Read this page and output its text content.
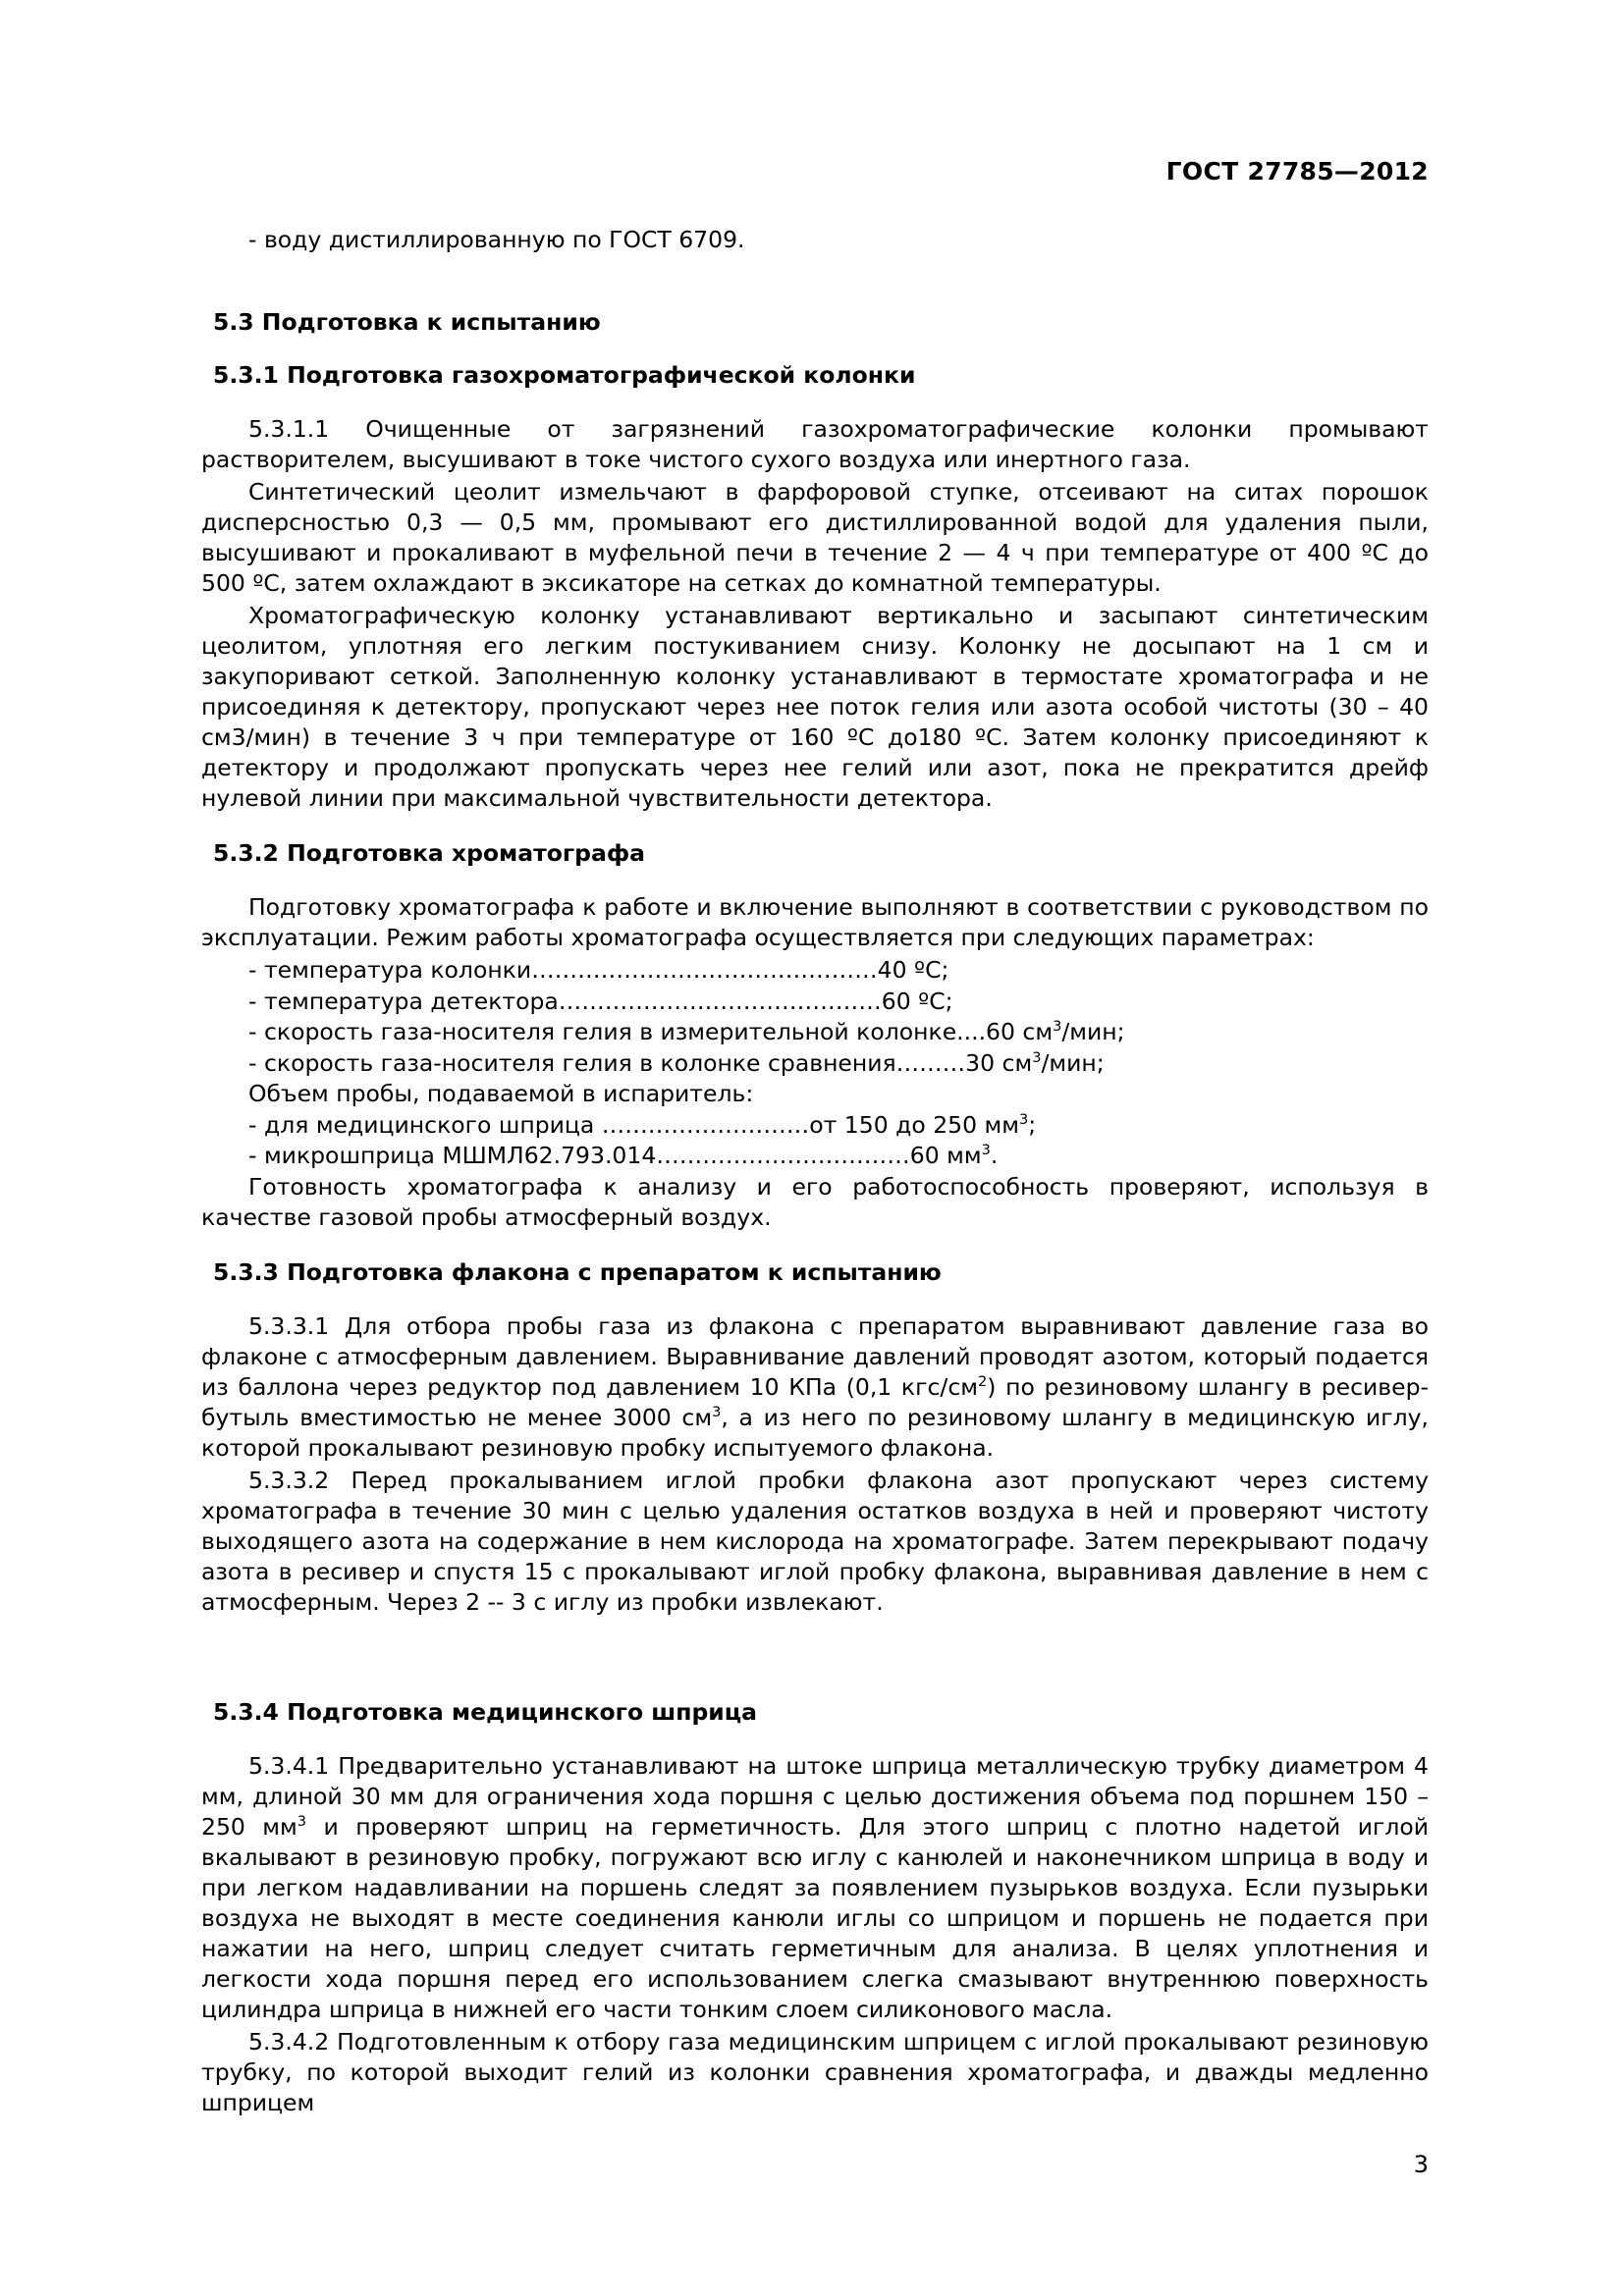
ГОСТ 27785—2012

- воду дистиллированную по ГОСТ 6709.

5.3 Подготовка к испытанию
5.3.1 Подготовка газохроматографической колонки

5.3.1.1 Очищенные от загрязнений газохроматографические колонки промывают растворителем, высушивают в токе чистого сухого воздуха или инертного газа.

Синтетический цеолит измельчают в фарфоровой ступке, отсеивают на ситах порошок дисперсностью 0,3 — 0,5 мм, промывают его дистиллированной водой для удаления пыли, высушивают и прокаливают в муфельной печи в течение 2 — 4 ч при температуре от 400 ºС до 500 ºС, затем охлаждают в эксикаторе на сетках до комнатной температуры.

Хроматографическую колонку устанавливают вертикально и засыпают синтетическим цеолитом, уплотняя его легким постукиванием снизу. Колонку не досыпают на 1 см и закупоривают сеткой. Заполненную колонку устанавливают в термостате хроматографа и не присоединяя к детектору, пропускают через нее поток гелия или азота особой чистоты (30 – 40 см3/мин) в течение 3 ч при температуре от 160 ºС до180 ºС. Затем колонку присоединяют к детектору и продолжают пропускать через нее гелий или азот, пока не прекратится дрейф нулевой линии при максимальной чувствительности детектора.

5.3.2 Подготовка хроматографа

Подготовку хроматографа к работе и включение выполняют в соответствии с руководством по эксплуатации. Режим работы хроматографа осуществляется при следующих параметрах:

- температура колонки………………………………………40 ºС;

- температура детектора……………………………………60 ºС;

- скорость газа-носителя гелия в измерительной колонке....60 $см^3$/мин;

- скорость газа-носителя гелия в колонке сравнения………30 $см^3$/мин;

Объем пробы, подаваемой в испаритель:

- для медицинского шприца ………………………от 150 до 250 $мм^3$;

- микрошприца МШМЛ62.793.014……………………………60 $мм^3$.

Готовность хроматографа к анализу и его работоспособность проверяют, используя в качестве газовой пробы атмосферный воздух.

5.3.3 Подготовка флакона с препаратом к испытанию

5.3.3.1 Для отбора пробы газа из флакона с препаратом выравнивают давление газа во флаконе с атмосферным давлением. Выравнивание давлений проводят азотом, который подается из баллона через редуктор под давлением 10 КПа (0,1 кгс/$см^2$) по резиновому шлангу в ресивер-бутыль вместимостью не менее 3000 $см^3$, а из него по резиновому шлангу в медицинскую иглу, которой прокалывают резиновую пробку испытуемого флакона.

5.3.3.2 Перед прокалыванием иглой пробки флакона азот пропускают через систему хроматографа в течение 30 мин с целью удаления остатков воздуха в ней и проверяют чистоту выходящего азота на содержание в нем кислорода на хроматографе. Затем перекрывают подачу азота в ресивер и спустя 15 с прокалывают иглой пробку флакона, выравнивая давление в нем с атмосферным. Через 2 -- 3 с иглу из пробки извлекают.

5.3.4 Подготовка медицинского шприца

5.3.4.1 Предварительно устанавливают на штоке шприца металлическую трубку диаметром 4 мм, длиной 30 мм для ограничения хода поршня с целью достижения объема под поршнем 150 – 250 $мм^3$ и проверяют шприц на герметичность. Для этого шприц с плотно надетой иглой вкалывают в резиновую пробку, погружают всю иглу с канюлей и наконечником шприца в воду и при легком надавливании на поршень следят за появлением пузырьков воздуха. Если пузырьки воздуха не выходят в месте соединения канюли иглы со шприцом и поршень не подается при нажатии на него, шприц следует считать герметичным для анализа. В целях уплотнения и легкости хода поршня перед его использованием слегка смазывают внутреннюю поверхность цилиндра шприца в нижней его части тонким слоем силиконового масла.

5.3.4.2 Подготовленным к отбору газа медицинским шприцем с иглой прокалывают резиновую трубку, по которой выходит гелий из колонки сравнения хроматографа, и дважды медленно шприцем

3
